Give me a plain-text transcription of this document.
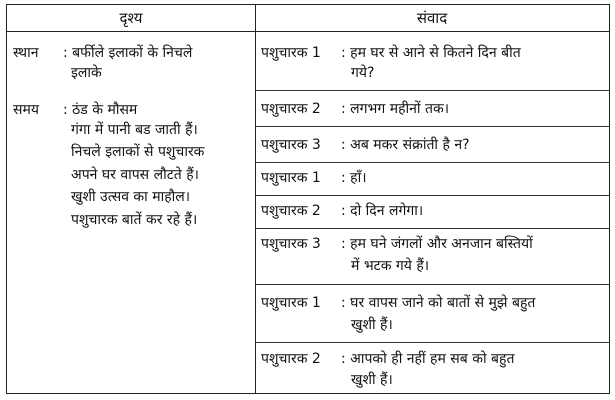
दृश्य	संवाद
स्थान : बर्फीले इलाकों के निचले
इलाके
समय : ठंड के मौसम
गंगा में पानी बड जाती हैं।
निचले इलाकों से पशुचारक
अपने घर वापस लौटते हैं।
खुशी उत्सव का माहौल।
पशुचारक बातें कर रहे हैं।
पशुचारक 1 : हम घर से आने से कितने दिन बीत
गये?
पशुचारक 2 : लगभग महीनों तक।
पशुचारक 3 : अब मकर संक्रांती है न?
पशुचारक 1 : हाँ।
पशुचारक 2 : दो दिन लगेगा।
पशुचारक 3 : हम घने जंगलों और अनजान बस्तियों
में भटक गये हैं।
पशुचारक 1 : घर वापस जाने को बातों से मुझे बहुत
खुशी हैं।
पशुचारक 2 : आपको ही नहीं हम सब को बहुत
खुशी हैं।
